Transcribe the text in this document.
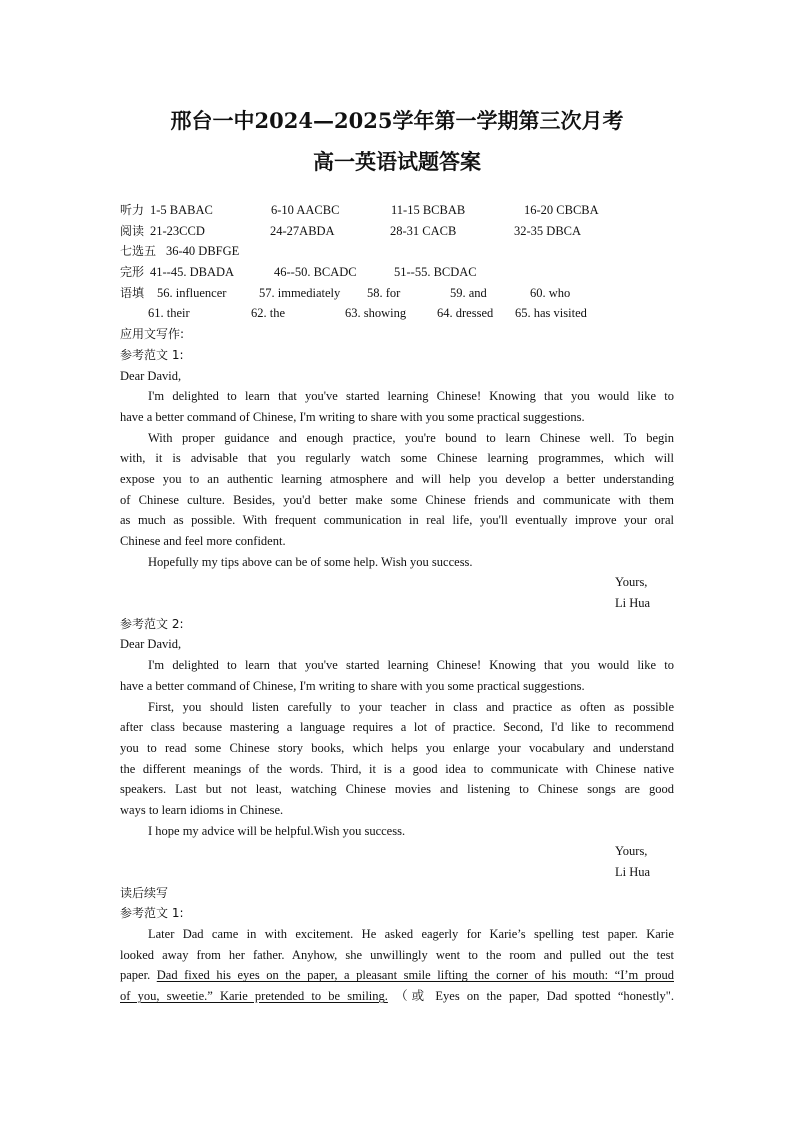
邢台一中2024—2025学年第一学期第三次月考
高一英语试题答案
听力 1-5 BABAC	6-10 AACBC	11-15 BCBAB	16-20 CBCBA
阅读 21-23CCD	24-27ABDA	28-31 CACB	32-35 DBCA
七选五 36-40 DBFGE
完形 41--45. DBADA	46--50. BCADC	51--55. BCDAC
语填 56. influencer	57. immediately 58. for	59. and	60. who
61. their	62. the	63. showing 64. dressed 65. has visited
应用文写作:
参考范文 1:
Dear David,
I'm delighted to learn that you've started learning Chinese! Knowing that you would like to
have a better command of Chinese, I'm writing to share with you some practical suggestions.
With proper guidance and enough practice, you're bound to learn Chinese well. To begin
with, it is advisable that you regularly watch some Chinese learning programmes, which will
expose you to an authentic learning atmosphere and will help you develop a better understanding
of Chinese culture. Besides, you'd better make some Chinese friends and communicate with them
as much as possible. With frequent communication in real life, you'll eventually improve your oral
Chinese and feel more confident.
Hopefully my tips above can be of some help. Wish you success.
Yours,
Li Hua
参考范文 2:
Dear David,
I'm delighted to learn that you've started learning Chinese! Knowing that you would like to
have a better command of Chinese, I'm writing to share with you some practical suggestions.
First, you should listen carefully to your teacher in class and practice as often as possible
after class because mastering a language requires a lot of practice. Second, I'd like to recommend
you to read some Chinese story books, which helps you enlarge your vocabulary and understand
the different meanings of the words. Third, it is a good idea to communicate with Chinese native
speakers. Last but not least, watching Chinese movies and listening to Chinese songs are good
ways to learn idioms in Chinese.
I hope my advice will be helpful.Wish you success.
Yours,
Li Hua
读后续写
参考范文 1:
Later Dad came in with excitement. He asked eagerly for Karie’s spelling test paper. Karie
looked away from her father. Anyhow, she unwillingly went to the room and pulled out the test
paper. Dad fixed his eyes on the paper, a pleasant smile lifting the corner of his mouth: “I’m proud
of you, sweetie.” Karie pretended to be smiling. （或 Eyes on the paper, Dad spotted “honestly".
